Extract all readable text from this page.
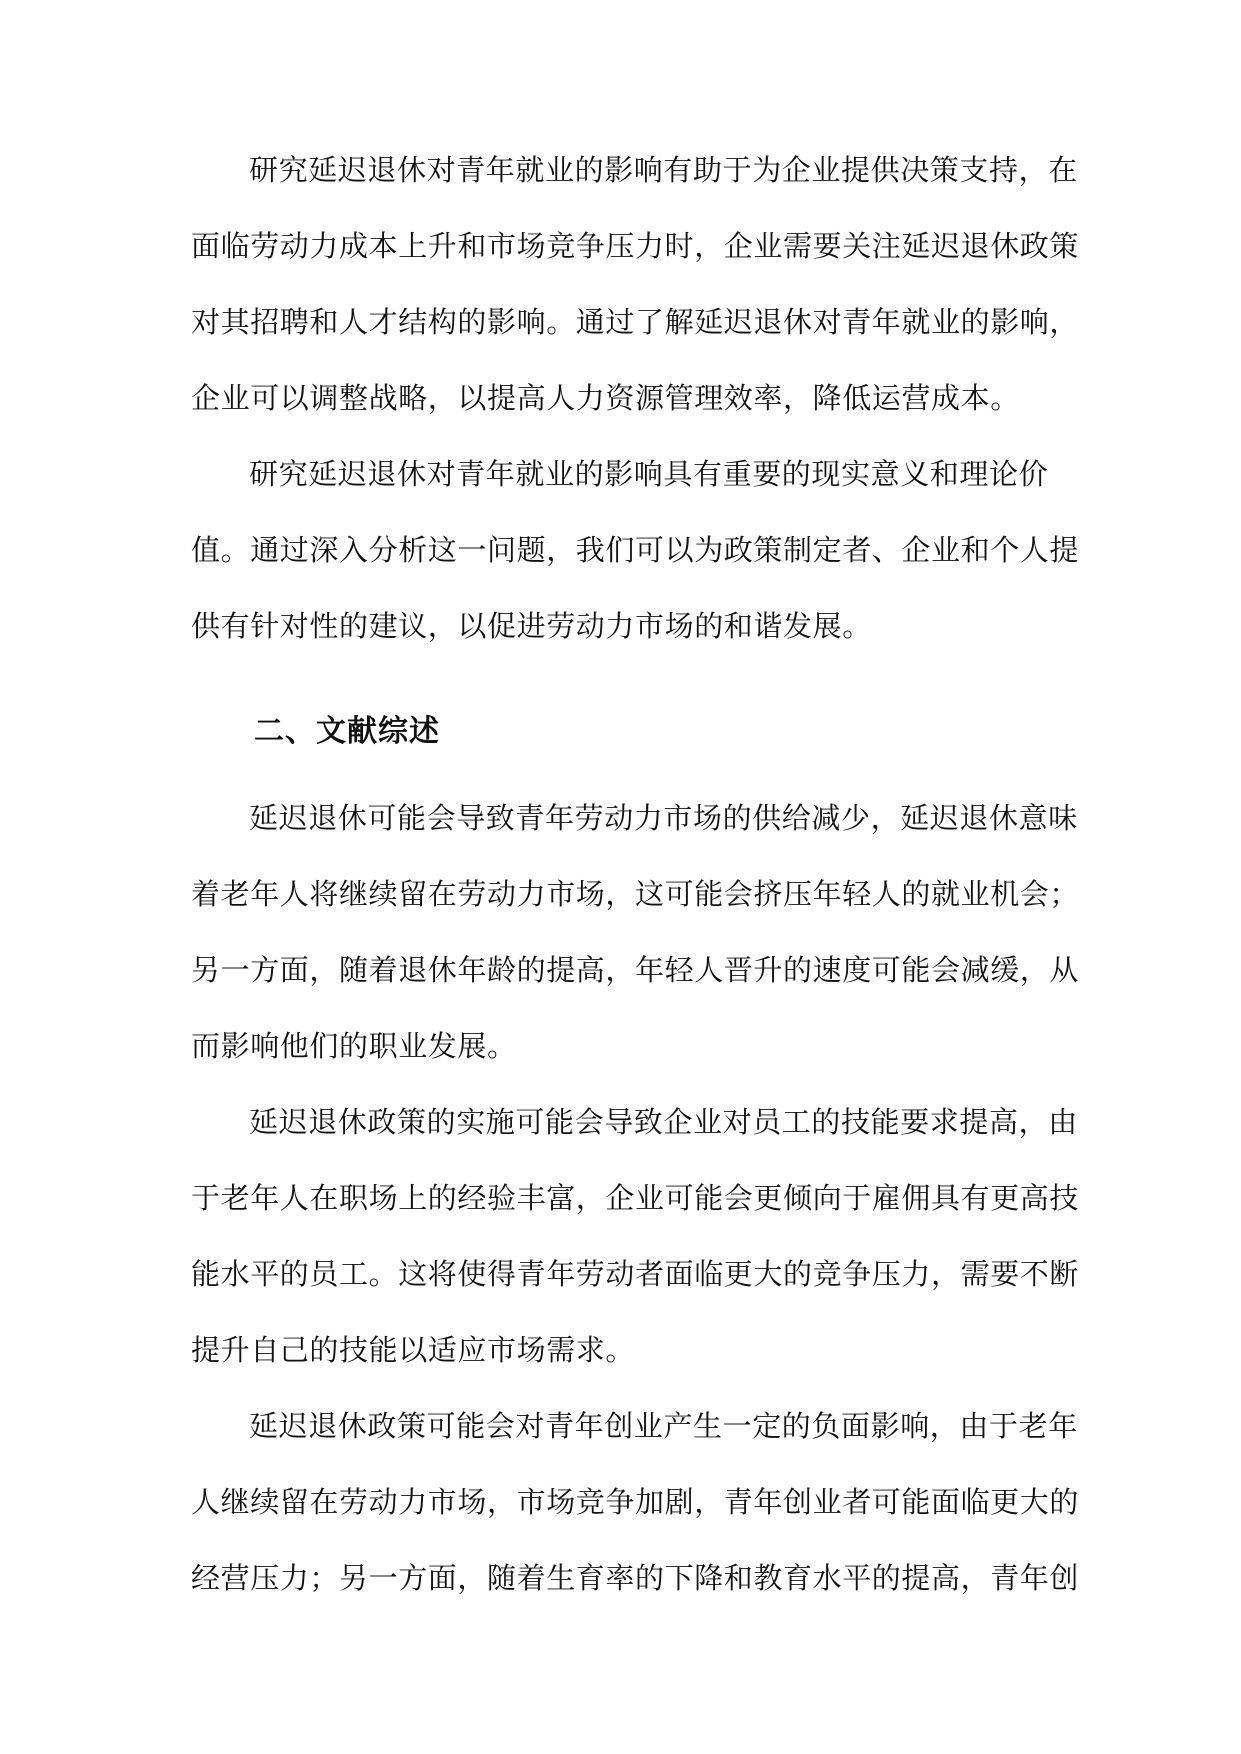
研究延迟退休对青年就业的影响有助于为企业提供决策支持，在

面临劳动力成本上升和市场竞争压力时，企业需要关注延迟退休政策

对其招聘和人才结构的影响。通过了解延迟退休对青年就业的影响，

企业可以调整战略，以提高人力资源管理效率，降低运营成本。

研究延迟退休对青年就业的影响具有重要的现实意义和理论价

值。通过深入分析这一问题，我们可以为政策制定者、企业和个人提

供有针对性的建议，以促进劳动力市场的和谐发展。

二、文献综述

延迟退休可能会导致青年劳动力市场的供给减少，延迟退休意味

着老年人将继续留在劳动力市场，这可能会挤压年轻人的就业机会；

另一方面，随着退休年龄的提高，年轻人晋升的速度可能会减缓，从

而影响他们的职业发展。

延迟退休政策的实施可能会导致企业对员工的技能要求提高，由

于老年人在职场上的经验丰富，企业可能会更倾向于雇佣具有更高技

能水平的员工。这将使得青年劳动者面临更大的竞争压力，需要不断

提升自己的技能以适应市场需求。

延迟退休政策可能会对青年创业产生一定的负面影响，由于老年

人继续留在劳动力市场，市场竞争加剧，青年创业者可能面临更大的

经营压力；另一方面，随着生育率的下降和教育水平的提高，青年创
